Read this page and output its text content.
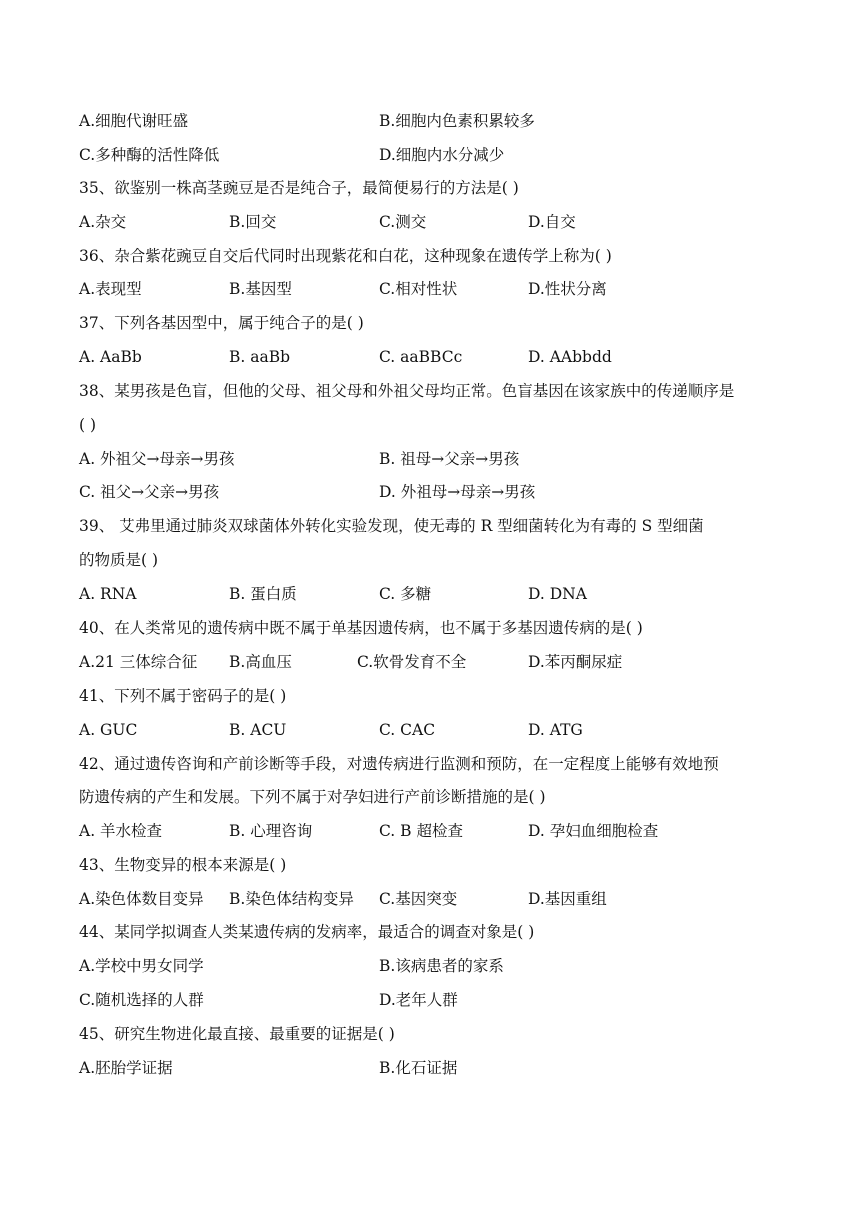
A.细胞代谢旺盛	B.细胞内色素积累较多
C.多种酶的活性降低	D.细胞内水分减少
35、欲鉴别一株高茎豌豆是否是纯合子，最简便易行的方法是( )
A.杂交	B.回交	C.测交	D.自交
36、杂合紫花豌豆自交后代同时出现紫花和白花，这种现象在遗传学上称为( )
A.表现型	B.基因型	C.相对性状	D.性状分离
37、下列各基因型中，属于纯合子的是( )
A. AaBb	B. aaBb	C. aaBBCc	D. AAbbdd
38、某男孩是色盲，但他的父母、祖父母和外祖父母均正常。色盲基因在该家族中的传递顺序是
( )
A. 外祖父→母亲→男孩	B. 祖母→父亲→男孩
C. 祖父→父亲→男孩	D. 外祖母→母亲→男孩
39、 艾弗里通过肺炎双球菌体外转化实验发现，使无毒的 R 型细菌转化为有毒的 S 型细菌
的物质是( )
A. RNA	B. 蛋白质	C. 多糖	D. DNA
40、在人类常见的遗传病中既不属于单基因遗传病，也不属于多基因遗传病的是( )
A.21 三体综合征 B.高血压	C.软骨发育不全	D.苯丙酮尿症
41、下列不属于密码子的是( )
A. GUC	B. ACU	C. CAC	D. ATG
42、通过遗传咨询和产前诊断等手段，对遗传病进行监测和预防，在一定程度上能够有效地预
防遗传病的产生和发展。下列不属于对孕妇进行产前诊断措施的是( )
A. 羊水检查	B. 心理咨询	C. B 超检查	D. 孕妇血细胞检查
43、生物变异的根本来源是( )
A.染色体数目变异 B.染色体结构变异 C.基因突变	D.基因重组
44、某同学拟调查人类某遗传病的发病率，最适合的调查对象是( )
A.学校中男女同学	B.该病患者的家系
C.随机选择的人群	D.老年人群
45、研究生物进化最直接、最重要的证据是( )
A.胚胎学证据	B.化石证据
